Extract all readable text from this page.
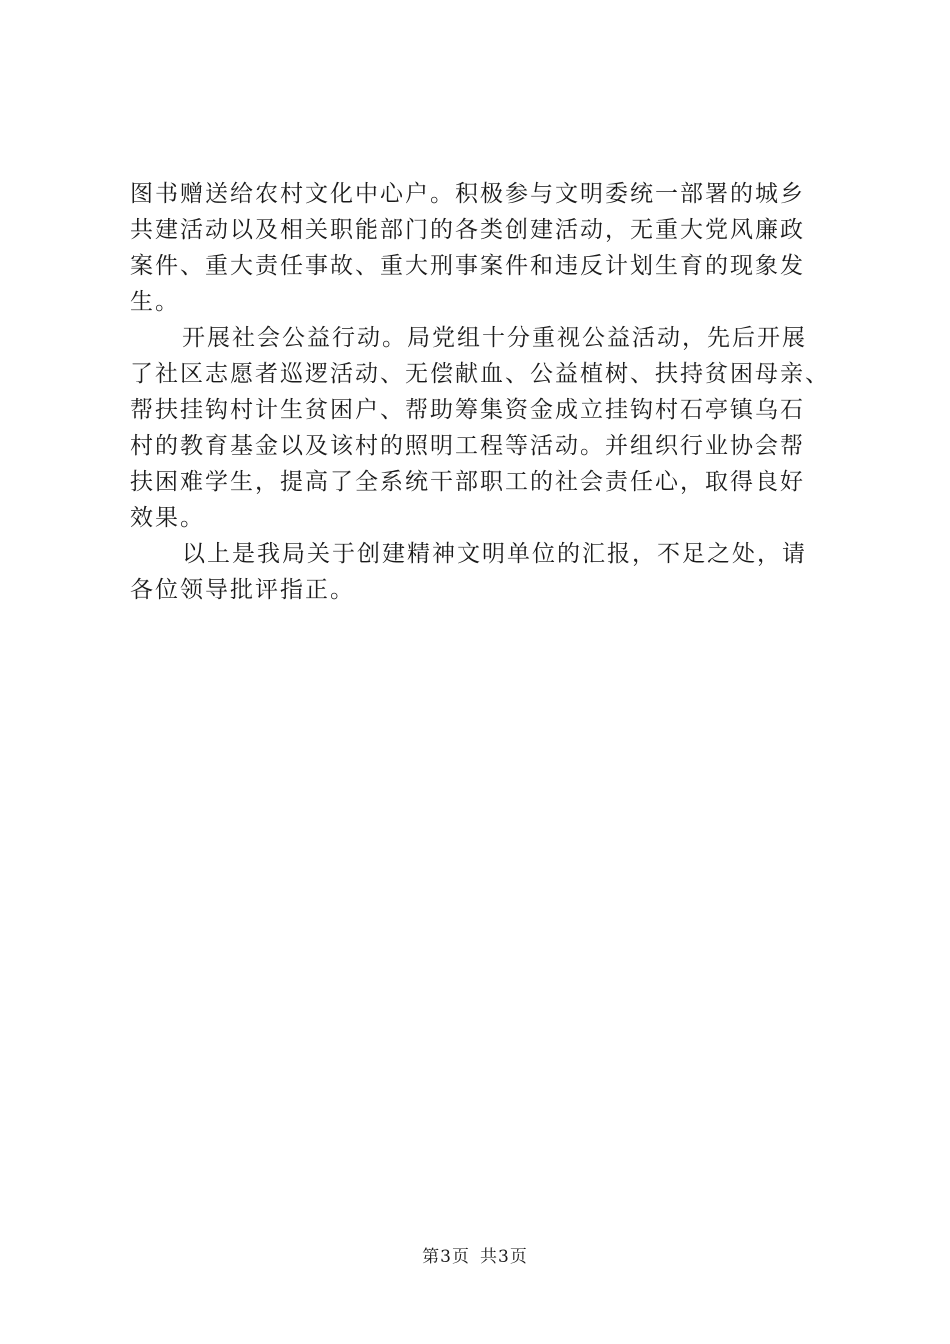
图书赠送给农村文化中心户。积极参与文明委统一部署的城乡
共建活动以及相关职能部门的各类创建活动，无重大党风廉政
案件、重大责任事故、重大刑事案件和违反计划生育的现象发
生。
开展社会公益行动。局党组十分重视公益活动，先后开展
了社区志愿者巡逻活动、无偿献血、公益植树、扶持贫困母亲、
帮扶挂钩村计生贫困户、帮助筹集资金成立挂钩村石亭镇乌石
村的教育基金以及该村的照明工程等活动。并组织行业协会帮
扶困难学生，提高了全系统干部职工的社会责任心，取得良好
效果。
以上是我局关于创建精神文明单位的汇报，不足之处，请
各位领导批评指正。
第3页 共3页
